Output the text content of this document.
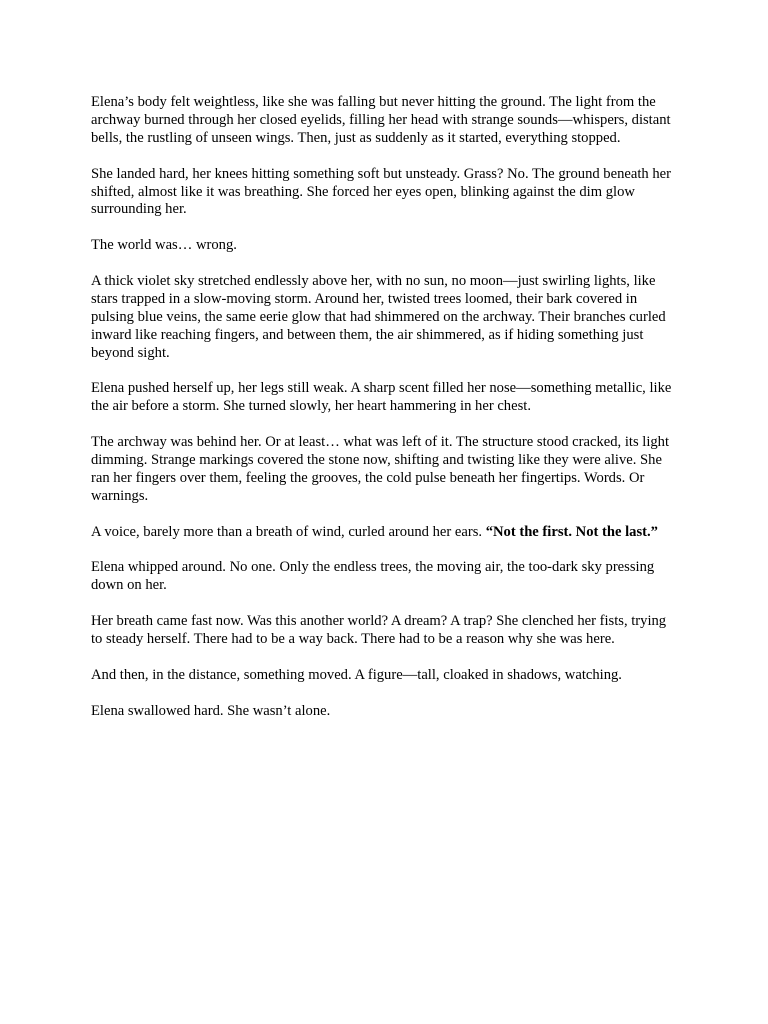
Elena’s body felt weightless, like she was falling but never hitting the ground. The light from the archway burned through her closed eyelids, filling her head with strange sounds—whispers, distant bells, the rustling of unseen wings. Then, just as suddenly as it started, everything stopped.

She landed hard, her knees hitting something soft but unsteady. Grass? No. The ground beneath her shifted, almost like it was breathing. She forced her eyes open, blinking against the dim glow surrounding her.

The world was… wrong.

A thick violet sky stretched endlessly above her, with no sun, no moon—just swirling lights, like stars trapped in a slow-moving storm. Around her, twisted trees loomed, their bark covered in pulsing blue veins, the same eerie glow that had shimmered on the archway. Their branches curled inward like reaching fingers, and between them, the air shimmered, as if hiding something just beyond sight.

Elena pushed herself up, her legs still weak. A sharp scent filled her nose—something metallic, like the air before a storm. She turned slowly, her heart hammering in her chest.

The archway was behind her. Or at least… what was left of it. The structure stood cracked, its light dimming. Strange markings covered the stone now, shifting and twisting like they were alive. She ran her fingers over them, feeling the grooves, the cold pulse beneath her fingertips. Words. Or warnings.

A voice, barely more than a breath of wind, curled around her ears. “Not the first. Not the last.”

Elena whipped around. No one. Only the endless trees, the moving air, the too-dark sky pressing down on her.

Her breath came fast now. Was this another world? A dream? A trap? She clenched her fists, trying to steady herself. There had to be a way back. There had to be a reason why she was here.

And then, in the distance, something moved. A figure—tall, cloaked in shadows, watching.

Elena swallowed hard. She wasn’t alone.
